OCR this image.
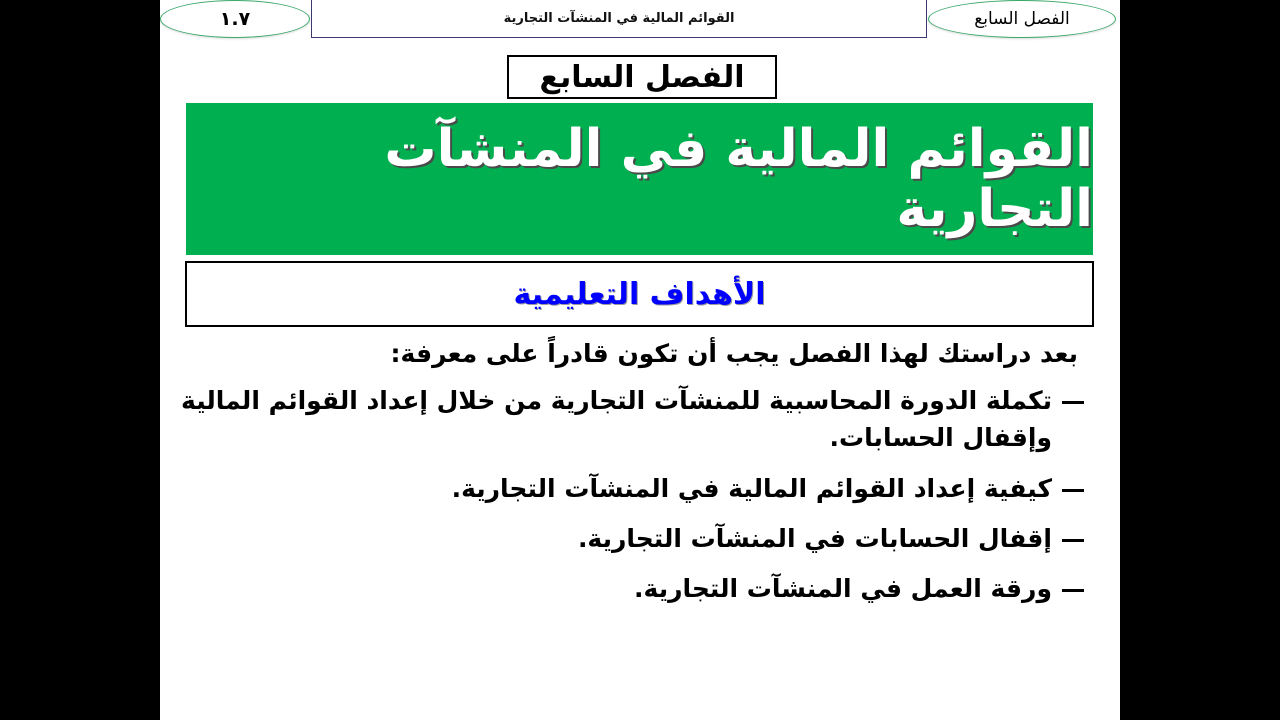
١.٧	القوائم المالية في المنشآت التجارية	الفصل السابع
الفصل السابع
القوائم المالية في المنشآت التجارية
الأهداف التعليمية
بعد دراستك لهذا الفصل يجب أن تكون قادراً على معرفة:
تكملة الدورة المحاسبية للمنشآت التجارية من خلال إعداد القوائم المالية
وإقفال الحسابات.
كيفية إعداد القوائم المالية في المنشآت التجارية.
إقفال الحسابات في المنشآت التجارية.
ورقة العمل في المنشآت التجارية.
